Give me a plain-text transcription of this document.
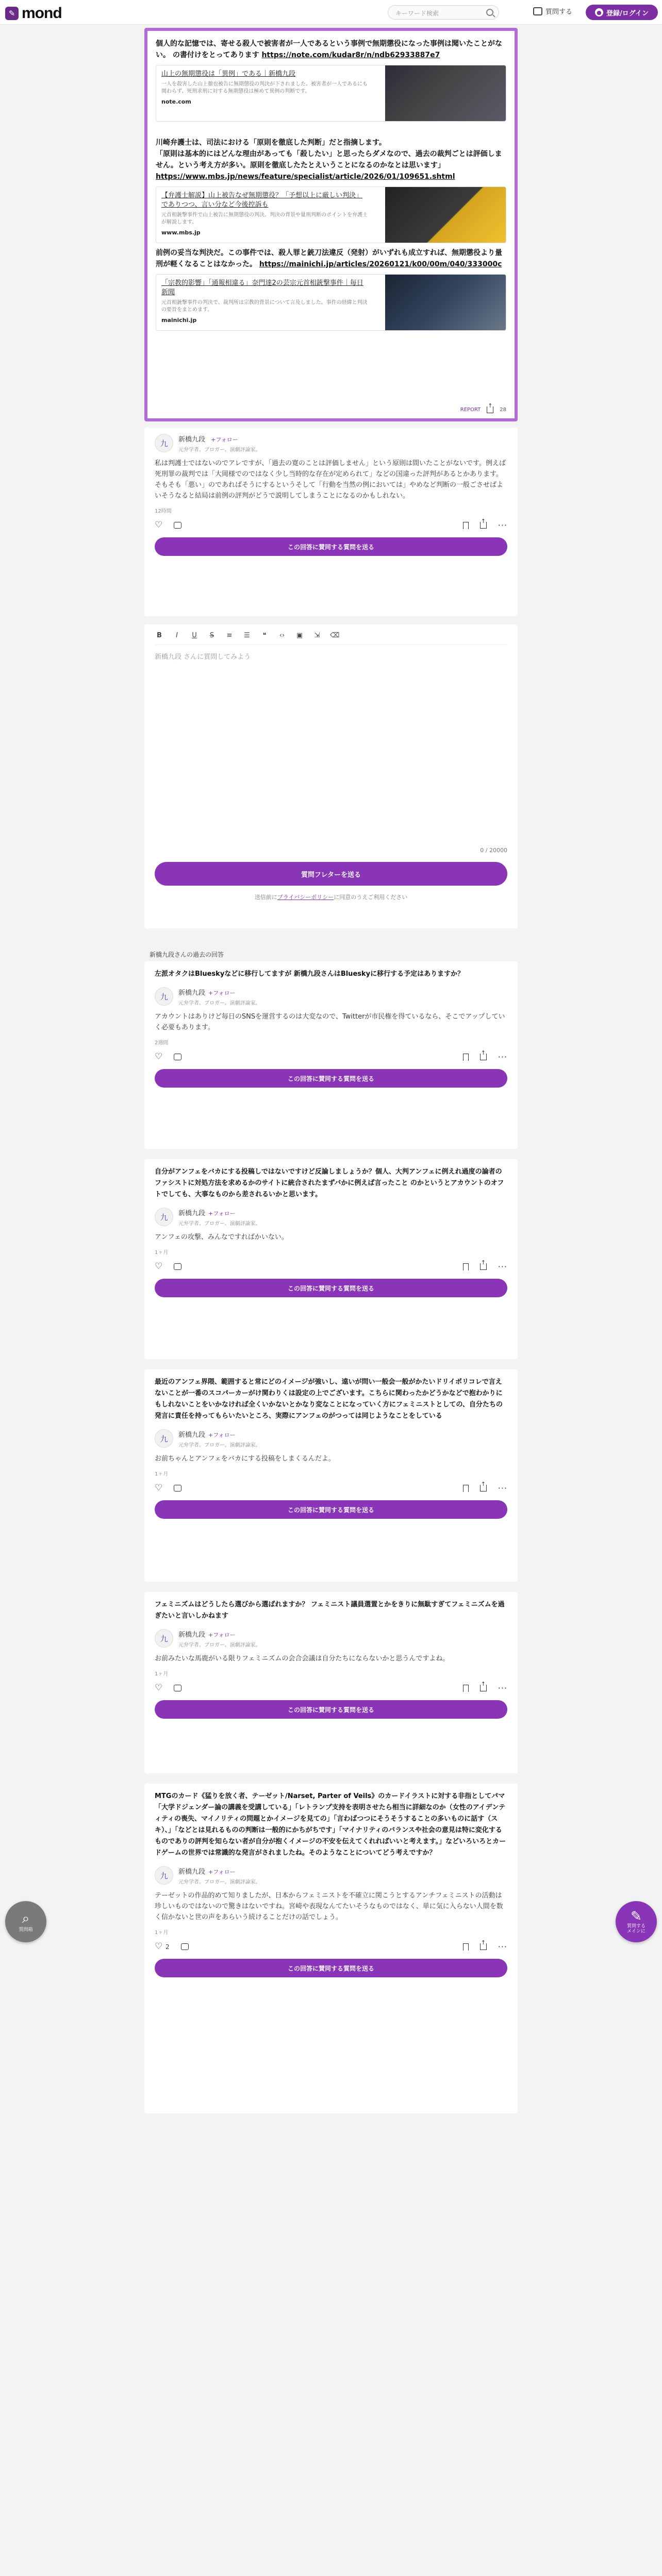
✎ mond	キーワード検索	質問する	● 登録/ログイン

個人的な記憶では、寄せる殺人で被害者が一人であるという事例で無期懲役になった事例は聞いたことがない。 の書付けをとってあります https://note.com/kudar8r/n/ndb62933887e7

山上の無期懲役は「異例」である｜新橋九段
一人を殺害した山上徹也被告に無期懲役の判決が下されました。被害者が一人であるにも関わらず、死刑求刑に対する無期懲役は極めて異例の判断です。
note.com

川崎弁護士は、司法における「原則を徹底した判断」だと指摘します。
「原則は基本的にはどんな理由があっても「殺したい」と思ったらダメなので、過去の裁判ごとは評価しません。という考え方が多い。原則を徹底したたとえいうことになるのかなとは思います」
https://www.mbs.jp/news/feature/specialist/article/2026/01/109651.shtml

【弁護士解説】山上被告なぜ無期懲役？「予想以上に厳しい判決」でありつつ、言い分など今後控訴も
元首相銃撃事件で山上被告に無期懲役の判決。判決の背景や量刑判断のポイントを弁護士が解説します。
www.mbs.jp

前例の妥当な判決だ。この事件では、殺人罪と銃刀法違反（発射）がいずれも成立すれば、無期懲役より量刑が軽くなることはなかった。 https://mainichi.jp/articles/20260121/k00/00m/040/333000c

「宗教的影響」「通報相違る」奈門達2の芸宗元首相銃撃事件｜毎日新聞
元首相銃撃事件の判決で、裁判所は宗教的背景について言及しました。事件の経緯と判決の要旨をまとめます。
mainichi.jp
REPORT ↑	28
九	新橋九段 +フォロー
元弁学者。ブロガー。演劇評論家。

私は判護士ではないのでアレですが、「過去の寛のことは評価しません」という原則は間いたことがないです。例えば死刑罪の裁判では「大岡様でのではなく少し当時的な存在が定められて」などの国違った評判があるとかあります。そもそも「悪い」のであればそうにするというそして「行動を当然の例においては」やめなど判断の一般ごさせばよいそうなると結局は前例の評判がどうで説明してしまうことになるのかもしれない。

12時間
♡
↑
···
この回答に賛同する質問を送る
B	I	U	S	≡ ☰	❝	‹› ▣ ⇲ ⌫
新橋九段 さんに質問してみよう
0 / 20000
質問フレターを送る

送信前にプライバシーポリシーに同意のうえご利用ください

新橋九段さんの過去の回答

左派オタクはBlueskyなどに移行してますが 新橋九段さんはBlueskyに移行する予定はありますか？

九	新橋九段 +フォロー
元弁学者。ブロガー。演劇評論家。

アカウントはありけど毎日のSNSを運営するのは大変なので、Twitterが市民権を得ているなら、そこでアップしていく必要もあります。

2週間
♡
↑
···
この回答に賛同する質問を送る

自分がアンフェをバカにする投稿しではないですけど反論しましょうか？個人、大判アンフェに例えれ過度の論者のファシストに対処方法を求めるかのサイトに統合されたまずバかに例えば言ったこと のかというとアカウントのオフトでしても、大事なものから差されるいかと思います。

九	新橋九段 +フォロー
元弁学者。ブロガー。演劇評論家。

アンフェの攻撃、みんなですればかいない。

1ヶ月
♡
↑
···
この回答に賛同する質問を送る

最近のアンフェ界隈、範囲すると常にどのイメージが強いし、遠いが問い一般会一般がかたいドリイポリコレで言えないことが一番のスコパーカーがけ関わりくは設定の上でございます。こちらに関わったかどうかなどで抱わかりにもしれないことをいかなければ全くいかないとかなり変なことになっていく方にフェミニストとしての、自分たちの発言に責任を持ってもらいたいところ、実際にアンフェのがつっては同じようなことをしている

九	新橋九段 +フォロー
元弁学者。ブロガー。演劇評論家。

お前ちゃんとアンフェをバカにする投稿をしまくるんだよ。

1ヶ月
♡
↑
···
この回答に賛同する質問を送る

フェミニズムはどうしたら選びから選ばれますか？ フェミニスト議員選置とかをきりに無駄すぎてフェミニズムを過ぎたいと言いしかねます

九	新橋九段 +フォロー
元弁学者。ブロガー。演劇評論家。

お前みたいな馬鹿がいる限りフェミニズムの会合会議は自分たちにならないかと思うんですよね。

1ヶ月
♡
↑
···
この回答に賛同する質問を送る

MTGのカード《猛りを放く者、テーゼット/Narset, Parter of Veils》のカードイラストに対する非指としてパマ「大学ドジェンダー論の講義を受講している」「レトランプ支持を表明させたら相当に詳細なのか（女性のアイデンティティの喪失、マイノリティの問題とかイメージを見ての」「言わばつつにそうそうすることの多いものに話す（スキ）、」「などとは見れるものの判断は一般的にかちがちです」「マイナリティのバランスや社会の意見は特に変化するものでありの評判を知らない者が自分が抱くイメージの不安を伝えてくれればいいと考えます。」などいろいろとカードゲームの世界では常識的な発言がされましたね。そのようなことについてどう考えですか？

九	新橋九段 +フォロー
元弁学者。ブロガー。演劇評論家。

テーゼットの作品的めて知りましたが、日本からフェミニストを不確立に関こうとするアンチフェミニストの活動は珍しいものではないので驚きはないですね。宮崎や表現なんてたいそうなものではなく、単に気に入らない人間を数く信かないと世の声をあらいう続けることだけの話でしょう。

1ヶ月
♡
2 ↑	···
この回答に賛同する質問を送る
⌕
質問箱
✎
質問する
メインに
